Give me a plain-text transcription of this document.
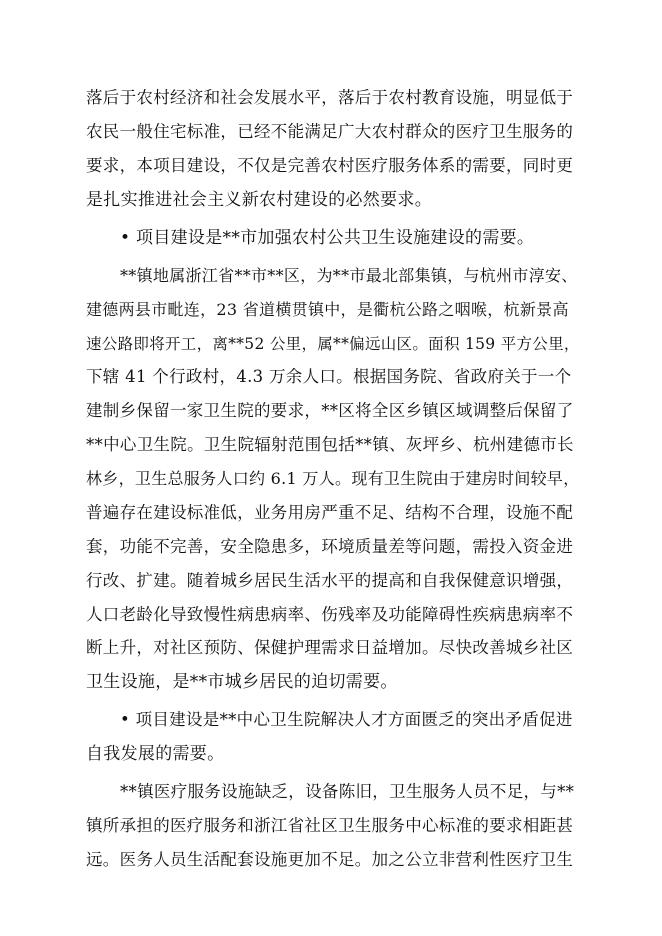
落后于农村经济和社会发展水平，落后于农村教育设施，明显低于
农民一般住宅标准，已经不能满足广大农村群众的医疗卫生服务的
要求，本项目建设，不仅是完善农村医疗服务体系的需要，同时更
是扎实推进社会主义新农村建设的必然要求。
• 项目建设是**市加强农村公共卫生设施建设的需要。
**镇地属浙江省**市**区，为**市最北部集镇，与杭州市淳安、
建德两县市毗连，23 省道横贯镇中，是衢杭公路之咽喉，杭新景高
速公路即将开工，离**52 公里，属**偏远山区。面积 159 平方公里，
下辖 41 个行政村，4.3 万余人口。根据国务院、省政府关于一个
建制乡保留一家卫生院的要求，**区将全区乡镇区域调整后保留了
**中心卫生院。卫生院辐射范围包括**镇、灰坪乡、杭州建德市长
林乡，卫生总服务人口约 6.1 万人。现有卫生院由于建房时间较早，
普遍存在建设标准低，业务用房严重不足、结构不合理，设施不配
套，功能不完善，安全隐患多，环境质量差等问题，需投入资金进
行改、扩建。随着城乡居民生活水平的提高和自我保健意识增强，
人口老龄化导致慢性病患病率、伤残率及功能障碍性疾病患病率不
断上升，对社区预防、保健护理需求日益增加。尽快改善城乡社区
卫生设施，是**市城乡居民的迫切需要。
• 项目建设是**中心卫生院解决人才方面匮乏的突出矛盾促进
自我发展的需要。
**镇医疗服务设施缺乏，设备陈旧，卫生服务人员不足，与**
镇所承担的医疗服务和浙江省社区卫生服务中心标准的要求相距甚
远。医务人员生活配套设施更加不足。加之公立非营利性医疗卫生
